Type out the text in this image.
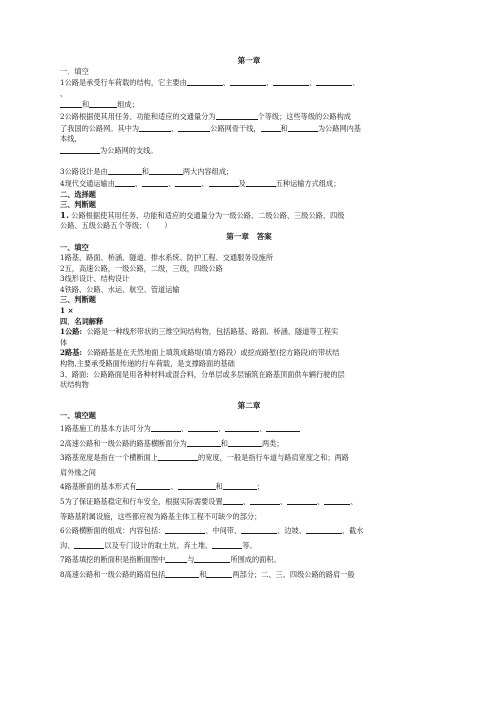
第一章

一．填空

1公路是承受行车荷载的结构，它主要由	、	、	、	、
、

和	组成；

2公路根据使其用任务、功能和适应的交通量分为	个等级；这些等级的公路构成
了我国的公路网。其中为	、	公路网骨干线，	和	为公路网内基
本线，

为公路网的支线。

3公路设计是由	和	两大内容组成；

4现代交通运输由	、	、	、	及	五种运输方式组成；

二、选择题

三、判断题

1. 公路根据使其用任务、功能和适应的交通量分为一级公路、二级公路、三级公路、四级
公路、五级公路五个等级；（　　）

第一章　答案

一、填空

1路基、路面、桥涵、隧道、排水系统、防护工程、交通服务设施所

2五，高速公路，一级公路，二级，三级，四级公路

3线形设计、结构设计

4铁路、公路、水运、航空、管道运输

三、判断题

1 ×

四．名词解释

1公路: 公路是一种线形带状的三维空间结构物，包括路基、路面、桥涵、隧道等工程实
体

2路基: 公路路基是在天然地面上填筑成路堤(填方路段）或挖成路堑(挖方路段)的带状结
构物,主要承受路面传递的行车荷载，是支撑路面的基础

3、路面: 公路路面是用各种材料或混合料，分单层或多层铺筑在路基顶面供车辆行驶的层
状结构物

第二章

一、填空题

1路基施工的基本方法可分为	、	、	、

2高速公路和一级公路的路基横断面分为	和	两类；

3路基宽度是指在一个横断面上	的宽度，一般是指行车道与路肩宽度之和；两路
肩外缘之间

4路基断面的基本形式有	、	和	；

5为了保证路基稳定和行车安全，根据实际需要设置	、	、	、	、
等路基附属设施，这些都应视为路基主体工程不可缺少的部分；

6公路横断面的组成：内容包括：	、中间带、	、边坡、	、截水
沟、	以及专门设计的取土坑、弃土堆、	等。

7路基填挖的断面积是指断面图中	与	所围成的面积。

8高速公路和一级公路的路肩包括	和	两部分；二、三、四级公路的路肩一般
